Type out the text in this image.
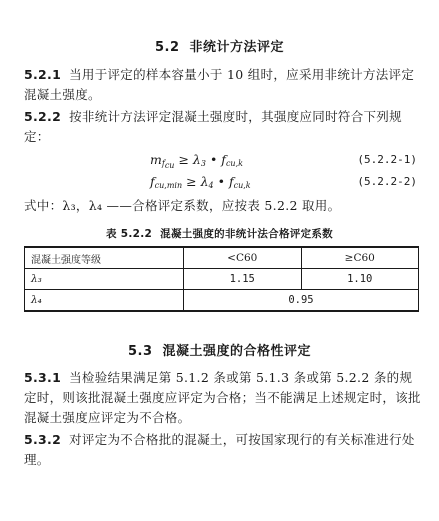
5.2 非统计方法评定
5.2.1 当用于评定的样本容量小于 10 组时，应采用非统计方法评定混凝土强度。
5.2.2 按非统计方法评定混凝土强度时，其强度应同时符合下列规定：
$m_{f_{cu}} \ge \lambda_3$ • $f_{cu,k}$	(5.2.2-1)
$f_{cu,min} \ge \lambda_4$ • $f_{cu,k}$	(5.2.2-2)
式中：λ₃，λ₄ ——合格评定系数，应按表 5.2.2 取用。
表 5.2.2 混凝土强度的非统计法合格评定系数
混凝土强度等级	<C60	≥C60
λ₃	1.15	1.10
λ₄	0.95	
5.3 混凝土强度的合格性评定
5.3.1 当检验结果满足第 5.1.2 条或第 5.1.3 条或第 5.2.2 条的规定时，则该批混凝土强度应评定为合格；当不能满足上述规定时，该批混凝土强度应评定为不合格。
5.3.2 对评定为不合格批的混凝土，可按国家现行的有关标准进行处理。
